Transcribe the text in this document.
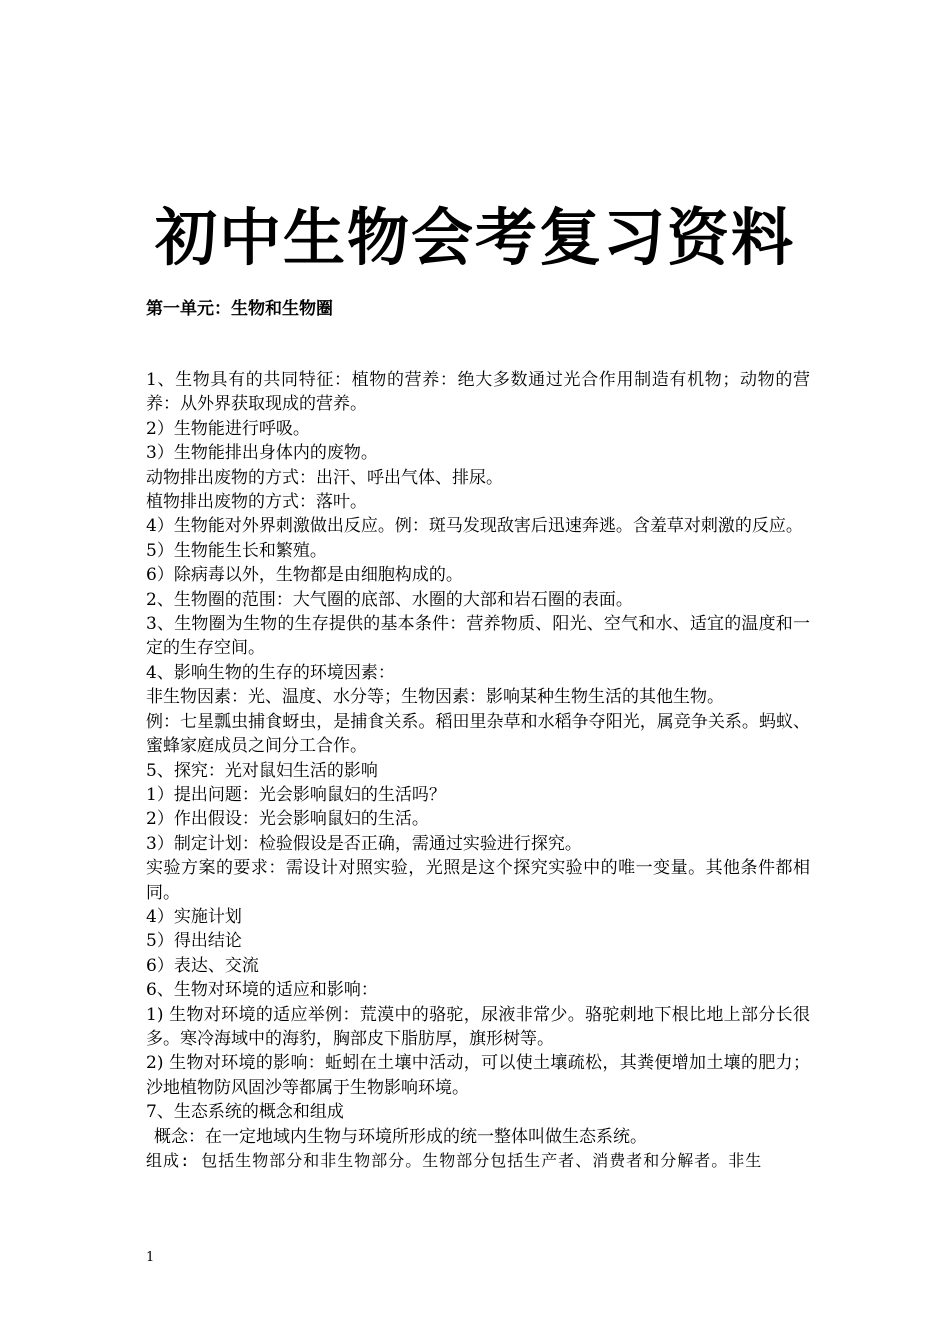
初中生物会考复习资料
第一单元：生物和生物圈

1、生物具有的共同特征：植物的营养：绝大多数通过光合作用制造有机物；动物的营养：从外界获取现成的营养。

2）生物能进行呼吸。

3）生物能排出身体内的废物。

动物排出废物的方式：出汗、呼出气体、排尿。

植物排出废物的方式：落叶。

4）生物能对外界刺激做出反应。例：斑马发现敌害后迅速奔逃。含羞草对刺激的反应。

5）生物能生长和繁殖。

6）除病毒以外，生物都是由细胞构成的。

2、生物圈的范围：大气圈的底部、水圈的大部和岩石圈的表面。

3、生物圈为生物的生存提供的基本条件：营养物质、阳光、空气和水、适宜的温度和一定的生存空间。

4、影响生物的生存的环境因素：

非生物因素：光、温度、水分等；生物因素：影响某种生物生活的其他生物。

例：七星瓢虫捕食蚜虫，是捕食关系。稻田里杂草和水稻争夺阳光，属竞争关系。蚂蚁、蜜蜂家庭成员之间分工合作。

5、探究：光对鼠妇生活的影响

1）提出问题：光会影响鼠妇的生活吗？

2）作出假设：光会影响鼠妇的生活。

3）制定计划：检验假设是否正确，需通过实验进行探究。

实验方案的要求：需设计对照实验，光照是这个探究实验中的唯一变量。其他条件都相同。

4）实施计划

5）得出结论

6）表达、交流

6、生物对环境的适应和影响：

1) 生物对环境的适应举例：荒漠中的骆驼，尿液非常少。骆驼刺地下根比地上部分长很多。寒冷海域中的海豹，胸部皮下脂肪厚，旗形树等。

2) 生物对环境的影响：蚯蚓在土壤中活动，可以使土壤疏松，其粪便增加土壤的肥力；沙地植物防风固沙等都属于生物影响环境。

7、生态系统的概念和组成

概念：在一定地域内生物与环境所形成的统一整体叫做生态系统。

组成: 包括生物部分和非生物部分。生物部分包括生产者、消费者和分解者。非生

1
